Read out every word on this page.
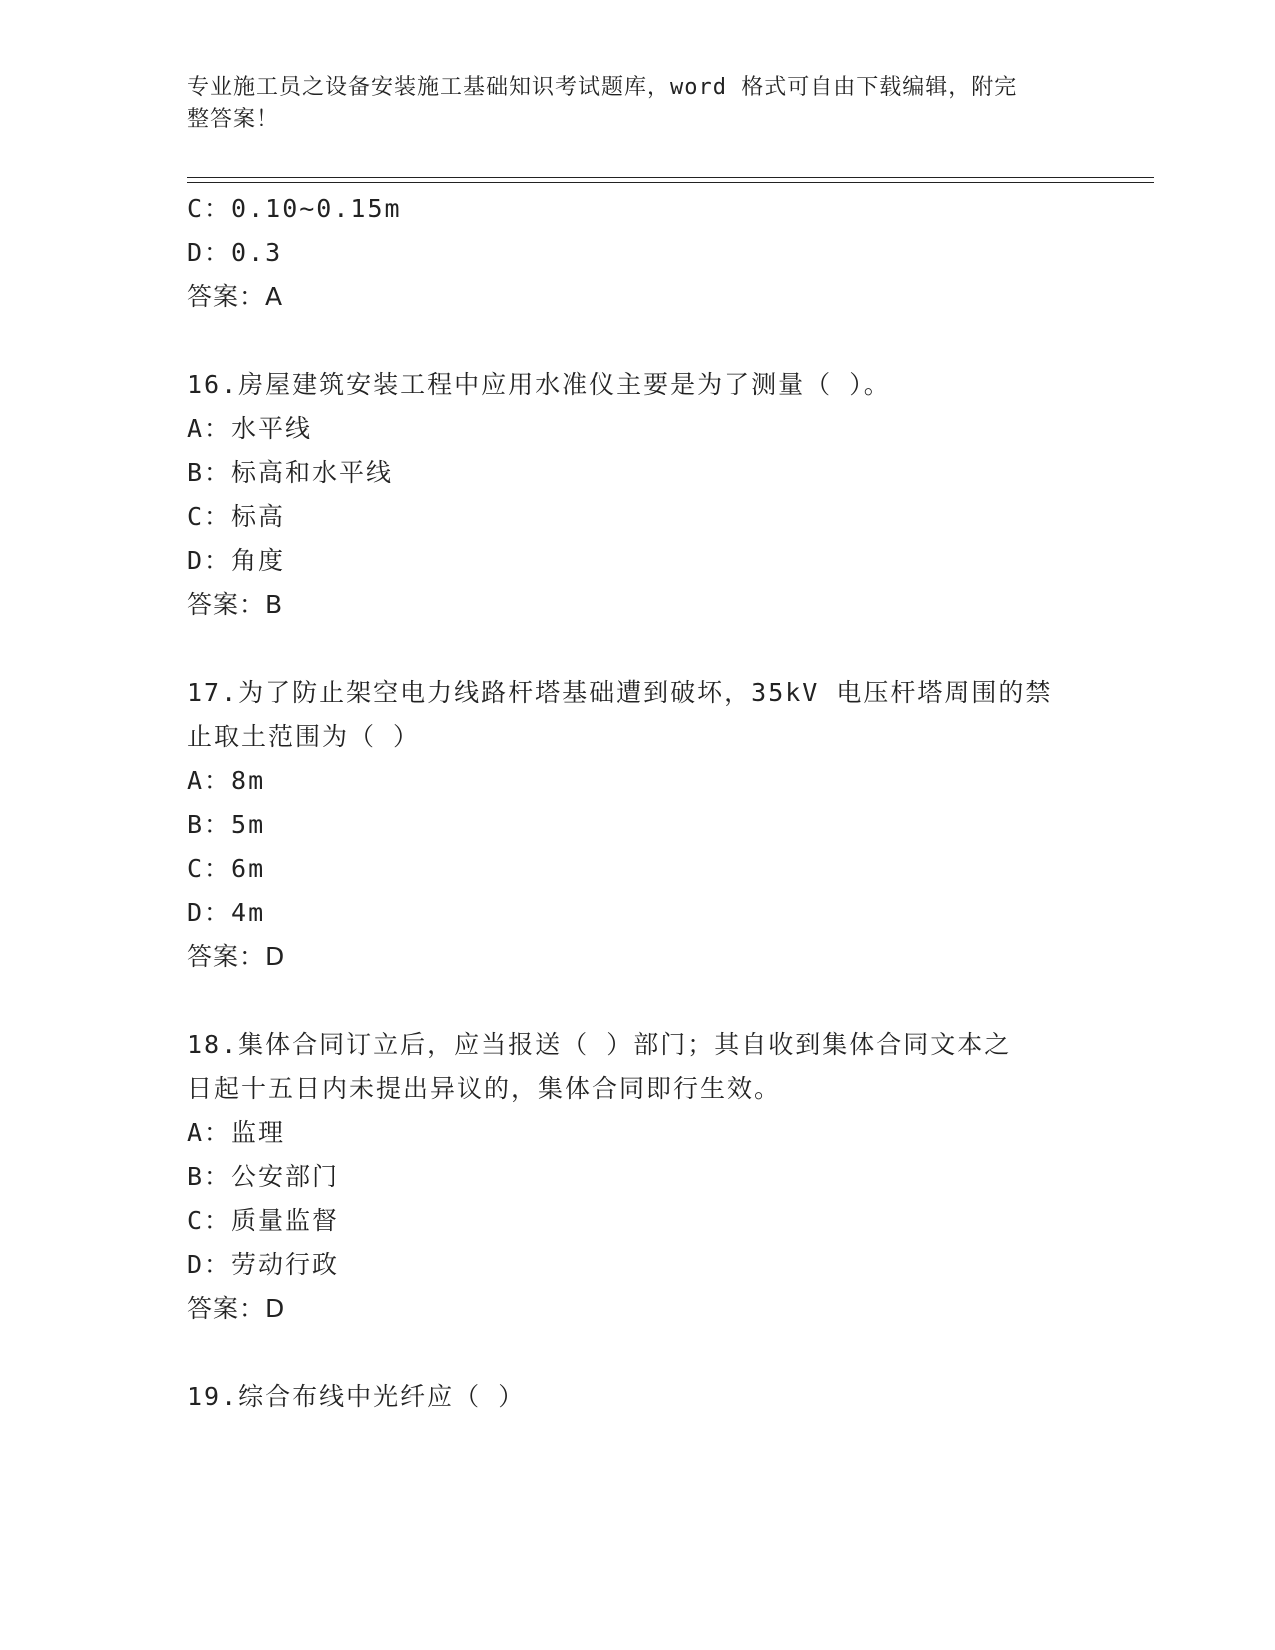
专业施工员之设备安装施工基础知识考试题库，word 格式可自由下载编辑，附完
整答案！
C：0.10~0.15m
D：0.3
答案：A
16.房屋建筑安装工程中应用水准仪主要是为了测量（ ）。
A：水平线
B：标高和水平线
C：标高
D：角度
答案：B
17.为了防止架空电力线路杆塔基础遭到破坏，35kV 电压杆塔周围的禁
止取土范围为（ ）
A：8m
B：5m
C：6m
D：4m
答案：D
18.集体合同订立后，应当报送（ ）部门；其自收到集体合同文本之
日起十五日内未提出异议的，集体合同即行生效。
A：监理
B：公安部门
C：质量监督
D：劳动行政
答案：D
19.综合布线中光纤应（ ）
